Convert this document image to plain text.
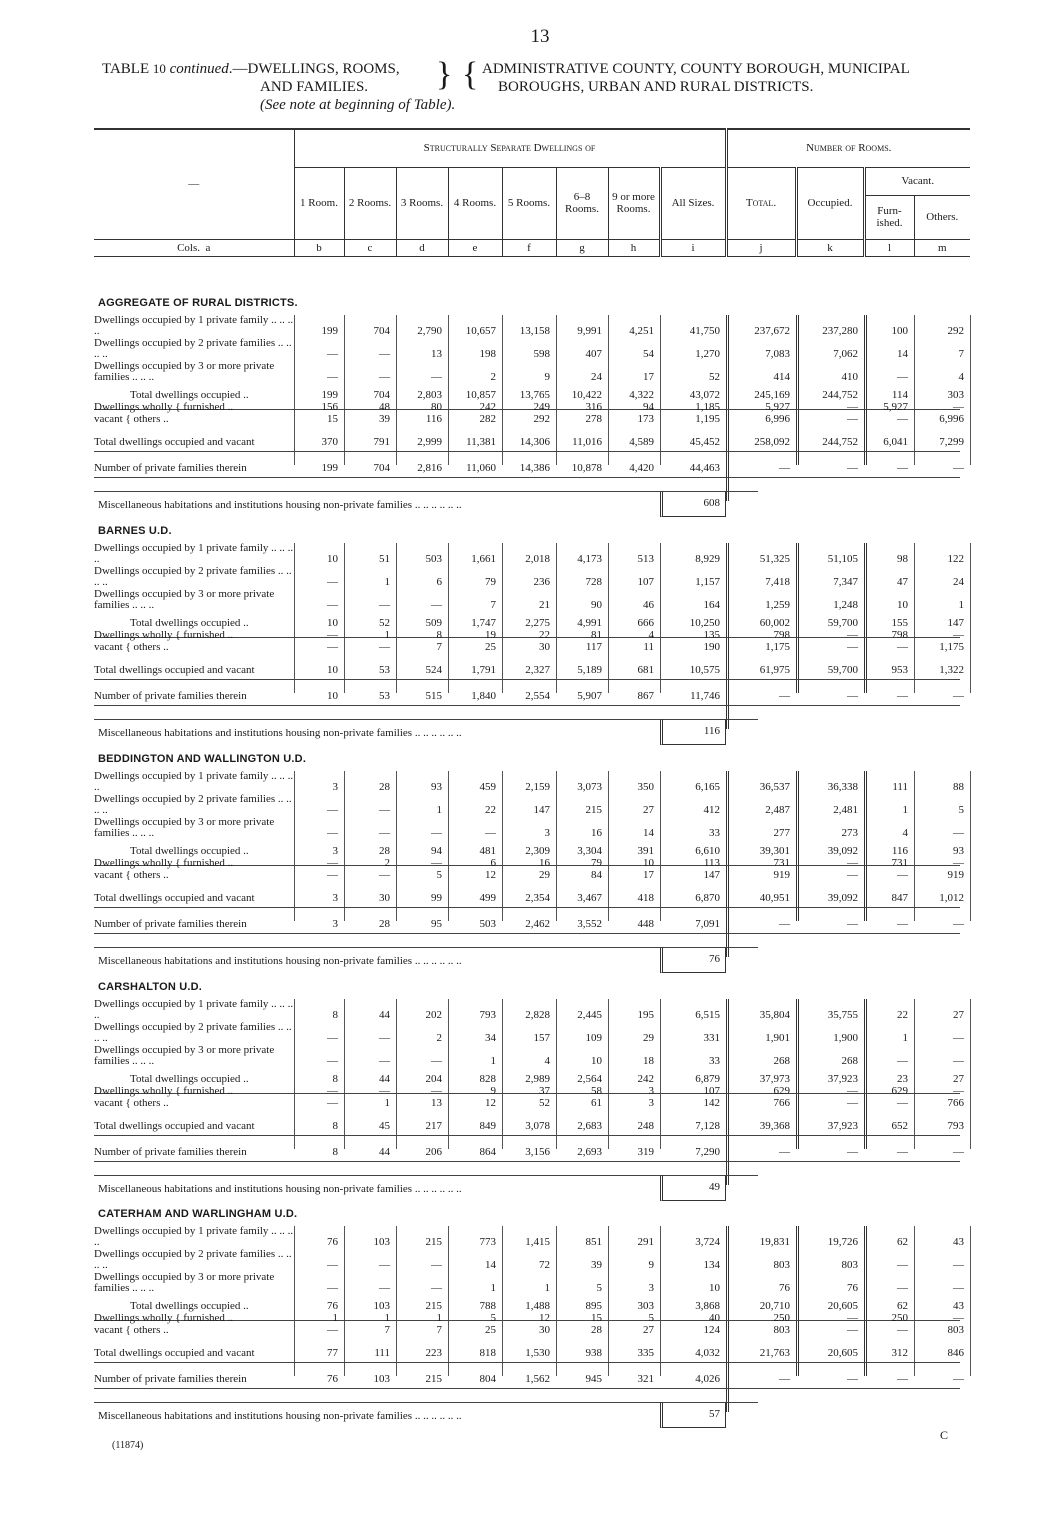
13
TABLE 10 continued.—DWELLINGS, ROOMS,
AND FAMILIES.
(See note at beginning of Table).
} { ADMINISTRATIVE COUNTY, COUNTY BOROUGH, MUNICIPAL
BOROUGHS, URBAN AND RURAL DISTRICTS.
—	Structurally Separate Dwellings of								Number of Rooms.			
	1 Room.	2 Rooms.	3 Rooms.	4 Rooms.	5 Rooms.	6–8 Rooms.	9 or more Rooms.	All Sizes.	Total.	Occupied.	Vacant.	
											Furn-ished.	Others.
Cols. a	b	c	d	e	f	g	h	i	j	k	l	m
AGGREGATE OF RURAL DISTRICTS.
Dwellings occupied by 1 private family .. .. .. ..	199	704	2,790	10,657	13,158	9,991	4,251	41,750	237,672	237,280	100	292
Dwellings occupied by 2 private families .. .. .. ..	—	—	13	198	598	407	54	1,270	7,083	7,062	14	7
Dwellings occupied by 3 or more private families .. .. ..	—	—	—	2	9	24	17	52	414	410	—	4
Total dwellings occupied ..	199	704	2,803	10,857	13,765	10,422	4,322	43,072	245,169	244,752	114	303
Dwellings wholly { furnished ..	156	48	80	242	249	316	94	1,185	5,927	—	5,927	—
vacant { others ..	15	39	116	282	292	278	173	1,195	6,996	—	—	6,996
Total dwellings occupied and vacant	370	791	2,999	11,381	14,306	11,016	4,589	45,452	258,092	244,752	6,041	7,299
Number of private families therein	199	704	2,816	11,060	14,386	10,878	4,420	44,463	—	—	—	—
Miscellaneous habitations and institutions housing non-private families .. .. .. .. .. ..	608
BARNES U.D.
Dwellings occupied by 1 private family .. .. .. ..	10	51	503	1,661	2,018	4,173	513	8,929	51,325	51,105	98	122
Dwellings occupied by 2 private families .. .. .. ..	—	1	6	79	236	728	107	1,157	7,418	7,347	47	24
Dwellings occupied by 3 or more private families .. .. ..	—	—	—	7	21	90	46	164	1,259	1,248	10	1
Total dwellings occupied ..	10	52	509	1,747	2,275	4,991	666	10,250	60,002	59,700	155	147
Dwellings wholly { furnished ..	—	1	8	19	22	81	4	135	798	—	798	—
vacant { others ..	—	—	7	25	30	117	11	190	1,175	—	—	1,175
Total dwellings occupied and vacant	10	53	524	1,791	2,327	5,189	681	10,575	61,975	59,700	953	1,322
Number of private families therein	10	53	515	1,840	2,554	5,907	867	11,746	—	—	—	—
Miscellaneous habitations and institutions housing non-private families .. .. .. .. .. ..	116
BEDDINGTON AND WALLINGTON U.D.
Dwellings occupied by 1 private family .. .. .. ..	3	28	93	459	2,159	3,073	350	6,165	36,537	36,338	111	88
Dwellings occupied by 2 private families .. .. .. ..	—	—	1	22	147	215	27	412	2,487	2,481	1	5
Dwellings occupied by 3 or more private families .. .. ..	—	—	—	—	3	16	14	33	277	273	4	—
Total dwellings occupied ..	3	28	94	481	2,309	3,304	391	6,610	39,301	39,092	116	93
Dwellings wholly { furnished ..	—	2	—	6	16	79	10	113	731	—	731	—
vacant { others ..	—	—	5	12	29	84	17	147	919	—	—	919
Total dwellings occupied and vacant	3	30	99	499	2,354	3,467	418	6,870	40,951	39,092	847	1,012
Number of private families therein	3	28	95	503	2,462	3,552	448	7,091	—	—	—	—
Miscellaneous habitations and institutions housing non-private families .. .. .. .. .. ..	76
CARSHALTON U.D.
Dwellings occupied by 1 private family .. .. .. ..	8	44	202	793	2,828	2,445	195	6,515	35,804	35,755	22	27
Dwellings occupied by 2 private families .. .. .. ..	—	—	2	34	157	109	29	331	1,901	1,900	1	—
Dwellings occupied by 3 or more private families .. .. ..	—	—	—	1	4	10	18	33	268	268	—	—
Total dwellings occupied ..	8	44	204	828	2,989	2,564	242	6,879	37,973	37,923	23	27
Dwellings wholly { furnished ..	—	—	—	9	37	58	3	107	629	—	629	—
vacant { others ..	—	1	13	12	52	61	3	142	766	—	—	766
Total dwellings occupied and vacant	8	45	217	849	3,078	2,683	248	7,128	39,368	37,923	652	793
Number of private families therein	8	44	206	864	3,156	2,693	319	7,290	—	—	—	—
Miscellaneous habitations and institutions housing non-private families .. .. .. .. .. ..	49
CATERHAM AND WARLINGHAM U.D.
Dwellings occupied by 1 private family .. .. .. ..	76	103	215	773	1,415	851	291	3,724	19,831	19,726	62	43
Dwellings occupied by 2 private families .. .. .. ..	—	—	—	14	72	39	9	134	803	803	—	—
Dwellings occupied by 3 or more private families .. .. ..	—	—	—	1	1	5	3	10	76	76	—	—
Total dwellings occupied ..	76	103	215	788	1,488	895	303	3,868	20,710	20,605	62	43
Dwellings wholly { furnished ..	1	1	1	5	12	15	5	40	250	—	250	—
vacant { others ..	—	7	7	25	30	28	27	124	803	—	—	803
Total dwellings occupied and vacant	77	111	223	818	1,530	938	335	4,032	21,763	20,605	312	846
Number of private families therein	76	103	215	804	1,562	945	321	4,026	—	—	—	—
Miscellaneous habitations and institutions housing non-private families .. .. .. .. .. ..	57
(11874)
C
